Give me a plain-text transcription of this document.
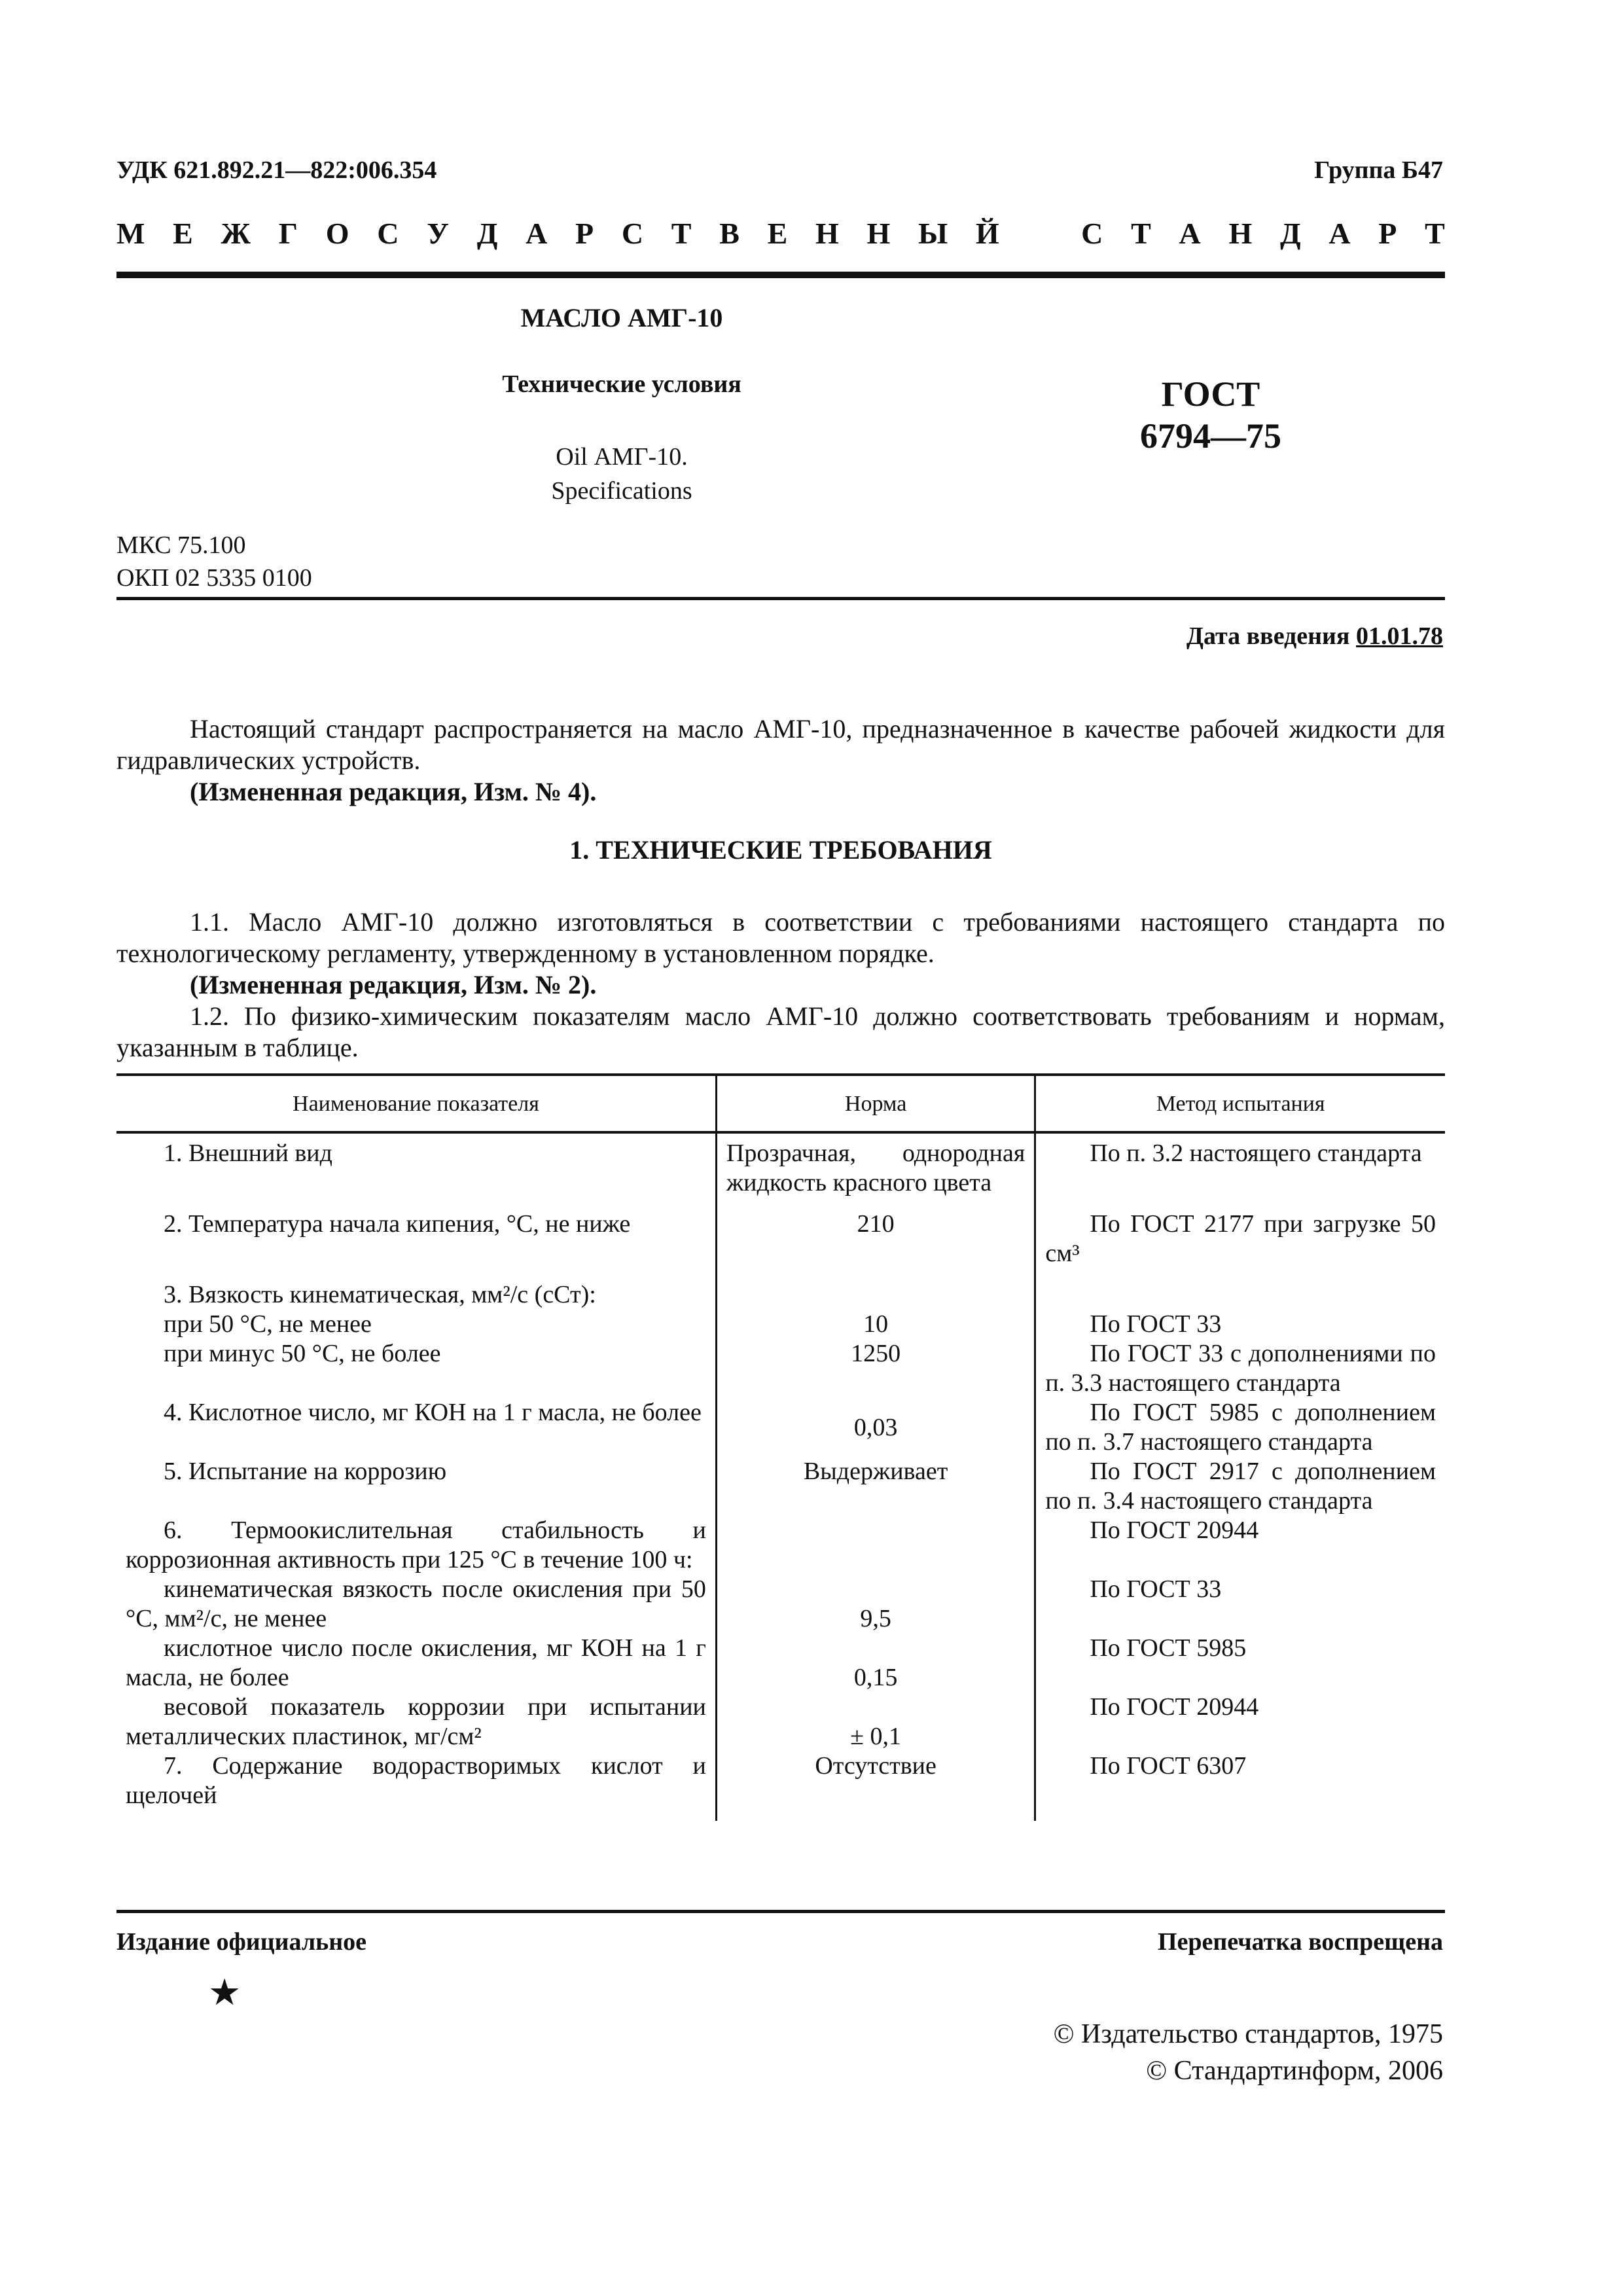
УДК 621.892.21—822:006.354	Группа Б47
М Е Ж Г О С У Д А Р С Т В Е Н Н Ы Й	С Т А Н Д А Р Т
МАСЛО АМГ-10
Технические условия
Oil АМГ-10.
Specifications
ГОСТ
6794—75
МКС 75.100
ОКП 02 5335 0100
Дата введения 01.01.78
Настоящий стандарт распространяется на масло АМГ-10, предназначенное в качестве рабочей жидкости для гидравлических устройств.
(Измененная редакция, Изм. № 4).
1. ТЕХНИЧЕСКИЕ ТРЕБОВАНИЯ
1.1. Масло АМГ-10 должно изготовляться в соответствии с требованиями настоящего стандарта по технологическому регламенту, утвержденному в установленном порядке.
(Измененная редакция, Изм. № 2).
1.2. По физико-химическим показателям масло АМГ-10 должно соответствовать требованиям и нормам, указанным в таблице.
Наименование показателя	Норма	Метод испытания

1. Внешний вид	Прозрачная, однородная жидкость красного цвета	По п. 3.2 настоящего стандарта

2. Температура начала кипения, °С, не ниже	210	По ГОСТ 2177 при загрузке 50 см³

3. Вязкость кинематическая, мм²/с (сСт):		

при 50 °С, не менее	10	По ГОСТ 33

при минус 50 °С, не более	1250	По ГОСТ 33 с дополнениями по п. 3.3 настоящего стандарта

4. Кислотное число, мг КОН на 1 г масла, не более	0,03	По ГОСТ 5985 с дополнением по п. 3.7 настоящего стандарта

5. Испытание на коррозию	Выдерживает	По ГОСТ 2917 с дополнением по п. 3.4 настоящего стандарта

6. Термоокислительная стабильность и коррозионная активность при 125 °С в течение 100 ч:		По ГОСТ 20944

кинематическая вязкость после окисления при 50 °С, мм²/с, не менее	9,5	По ГОСТ 33

кислотное число после окисления, мг КОН на 1 г масла, не более	0,15	По ГОСТ 5985

весовой показатель коррозии при испытании металлических пластинок, мг/см²	± 0,1	По ГОСТ 20944

7. Содержание водорастворимых кислот и щелочей	Отсутствие	По ГОСТ 6307
Издание официальное	Перепечатка воспрещена
★
© Издательство стандартов, 1975
© Стандартинформ, 2006
